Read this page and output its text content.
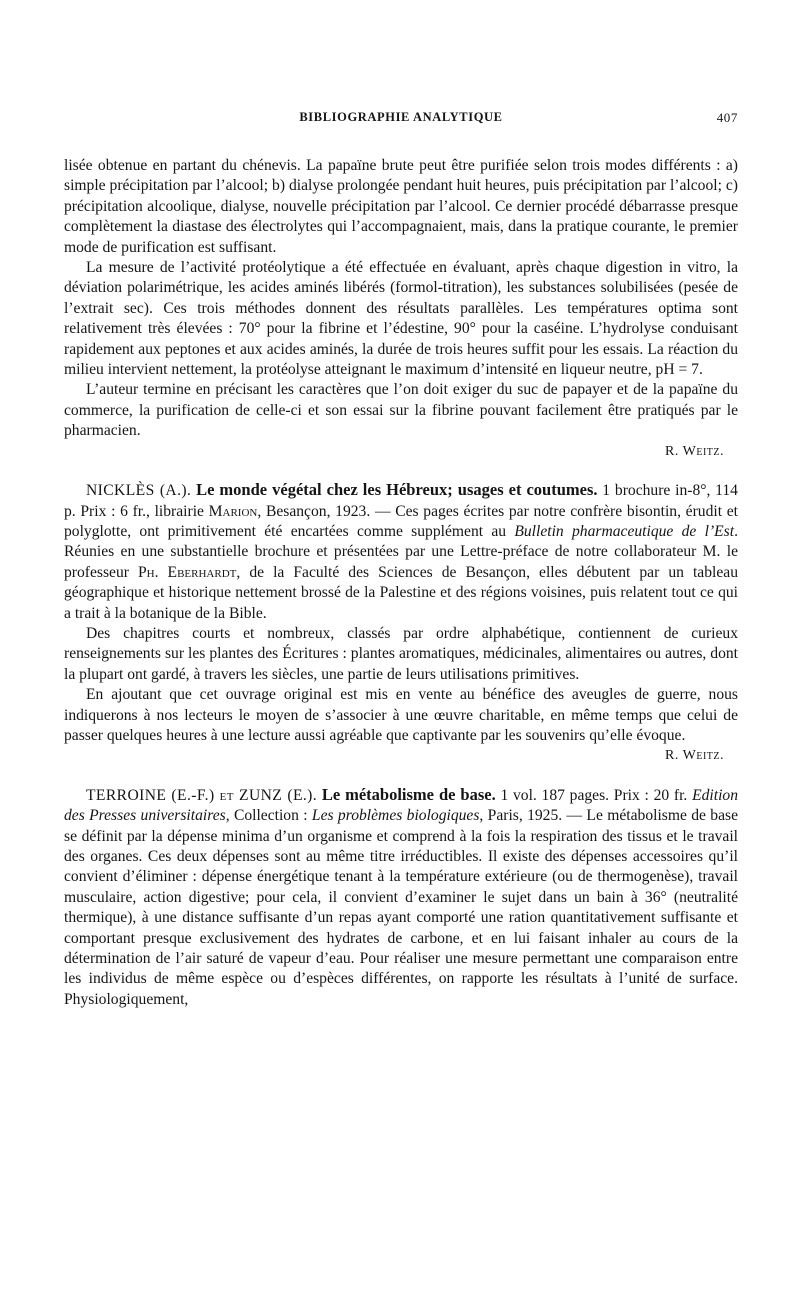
BIBLIOGRAPHIE ANALYTIQUE	407

lisée obtenue en partant du chénevis. La papaïne brute peut être purifiée selon trois modes différents : a) simple précipitation par l’alcool; b) dialyse prolongée pendant huit heures, puis précipitation par l’alcool; c) précipitation alcoolique, dialyse, nouvelle précipitation par l’alcool. Ce dernier procédé débarrasse presque complètement la diastase des électrolytes qui l’accompagnaient, mais, dans la pratique courante, le premier mode de purification est suffisant.

La mesure de l’activité protéolytique a été effectuée en évaluant, après chaque digestion in vitro, la déviation polarimétrique, les acides aminés libérés (formol-titration), les substances solubilisées (pesée de l’extrait sec). Ces trois méthodes donnent des résultats parallèles. Les températures optima sont relativement très élevées : 70° pour la fibrine et l’édestine, 90° pour la caséine. L’hydrolyse conduisant rapidement aux peptones et aux acides aminés, la durée de trois heures suffit pour les essais. La réaction du milieu intervient nettement, la protéolyse atteignant le maximum d’intensité en liqueur neutre, pH = 7.

L’auteur termine en précisant les caractères que l’on doit exiger du suc de papayer et de la papaïne du commerce, la purification de celle-ci et son essai sur la fibrine pouvant facilement être pratiqués par le pharmacien.

R. Weitz.

NICKLÈS (A.). Le monde végétal chez les Hébreux; usages et coutumes. 1 brochure in-8°, 114 p. Prix : 6 fr., librairie Marion, Besançon, 1923. — Ces pages écrites par notre confrère bisontin, érudit et polyglotte, ont primitivement été encartées comme supplément au Bulletin pharmaceutique de l’Est. Réunies en une substantielle brochure et présentées par une Lettre-préface de notre collaborateur M. le professeur Ph. Eberhardt, de la Faculté des Sciences de Besançon, elles débutent par un tableau géographique et historique nettement brossé de la Palestine et des régions voisines, puis relatent tout ce qui a trait à la botanique de la Bible.

Des chapitres courts et nombreux, classés par ordre alphabétique, contiennent de curieux renseignements sur les plantes des Écritures : plantes aromatiques, médicinales, alimentaires ou autres, dont la plupart ont gardé, à travers les siècles, une partie de leurs utilisations primitives.

En ajoutant que cet ouvrage original est mis en vente au bénéfice des aveugles de guerre, nous indiquerons à nos lecteurs le moyen de s’associer à une œuvre charitable, en même temps que celui de passer quelques heures à une lecture aussi agréable que captivante par les souvenirs qu’elle évoque.

R. Weitz.

TERROINE (E.-F.) et ZUNZ (E.). Le métabolisme de base. 1 vol. 187 pages. Prix : 20 fr. Edition des Presses universitaires, Collection : Les problèmes biologiques, Paris, 1925. — Le métabolisme de base se définit par la dépense minima d’un organisme et comprend à la fois la respiration des tissus et le travail des organes. Ces deux dépenses sont au même titre irréductibles. Il existe des dépenses accessoires qu’il convient d’éliminer : dépense énergétique tenant à la température extérieure (ou de thermogenèse), travail musculaire, action digestive; pour cela, il convient d’examiner le sujet dans un bain à 36° (neutralité thermique), à une distance suffisante d’un repas ayant comporté une ration quantitativement suffisante et comportant presque exclusivement des hydrates de carbone, et en lui faisant inhaler au cours de la détermination de l’air saturé de vapeur d’eau. Pour réaliser une mesure permettant une comparaison entre les individus de même espèce ou d’espèces différentes, on rapporte les résultats à l’unité de surface. Physiologiquement,
